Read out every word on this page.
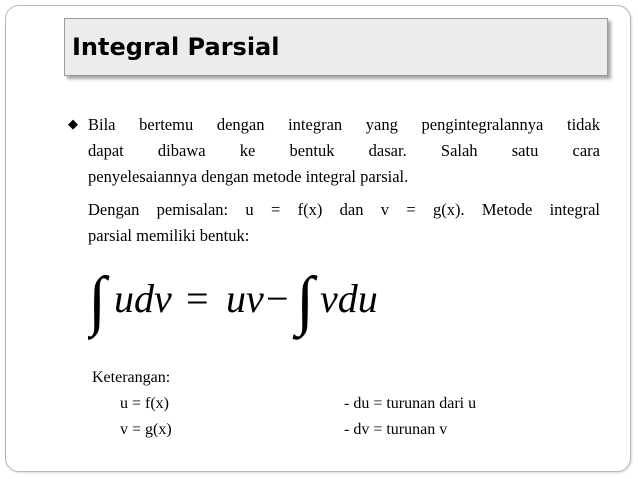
Integral Parsial
◆ Bila bertemu dengan integran yang pengintegralannya tidak
dapat dibawa ke bentuk dasar. Salah satu cara
penyelesaiannya dengan metode integral parsial.
Dengan pemisalan: u = f(x) dan v = g(x). Metode integral
parsial memiliki bentuk:
∫ udv = uv − ∫ vdu
Keterangan:
u = f(x)
v = g(x)
- du = turunan dari u
- dv = turunan v
